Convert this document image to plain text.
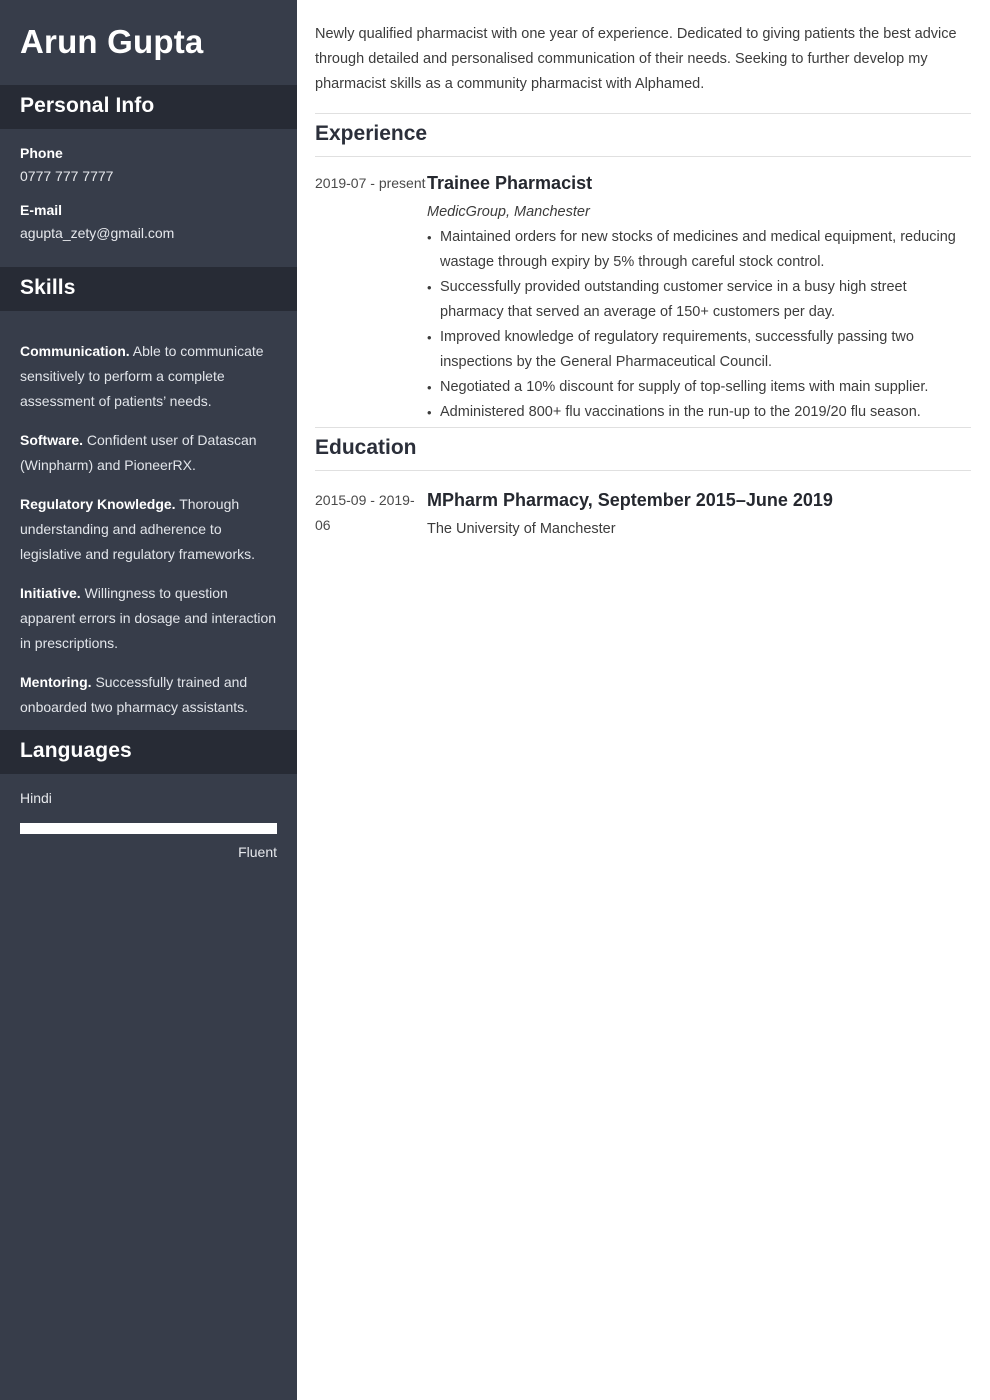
Arun Gupta
Personal Info
Phone
0777 777 7777
E-mail
agupta_zety@gmail.com
Skills

Communication. Able to communicate sensitively to perform a complete assessment of patients’ needs.

Software. Confident user of Datascan (Winpharm) and PioneerRX.

Regulatory Knowledge. Thorough understanding and adherence to legislative and regulatory frameworks.

Initiative. Willingness to question apparent errors in dosage and interaction in prescriptions.

Mentoring. Successfully trained and onboarded two pharmacy assistants.

Languages
Hindi
Fluent

Newly qualified pharmacist with one year of experience. Dedicated to giving patients the best advice through detailed and personalised communication of their needs. Seeking to further develop my pharmacist skills as a community pharmacist with Alphamed.

Experience
2019-07 - present Trainee Pharmacist

MedicGroup, Manchester

• Maintained orders for new stocks of medicines and medical equipment, reducing wastage through expiry by 5% through careful stock control.
• Successfully provided outstanding customer service in a busy high street pharmacy that served an average of 150+ customers per day.
• Improved knowledge of regulatory requirements, successfully passing two inspections by the General Pharmaceutical Council.
• Negotiated a 10% discount for supply of top-selling items with main supplier.
• Administered 800+ flu vaccinations in the run-up to the 2019/20 flu season.
Education
2015-09 - 2019-06
MPharm Pharmacy, September 2015–June 2019

The University of Manchester
